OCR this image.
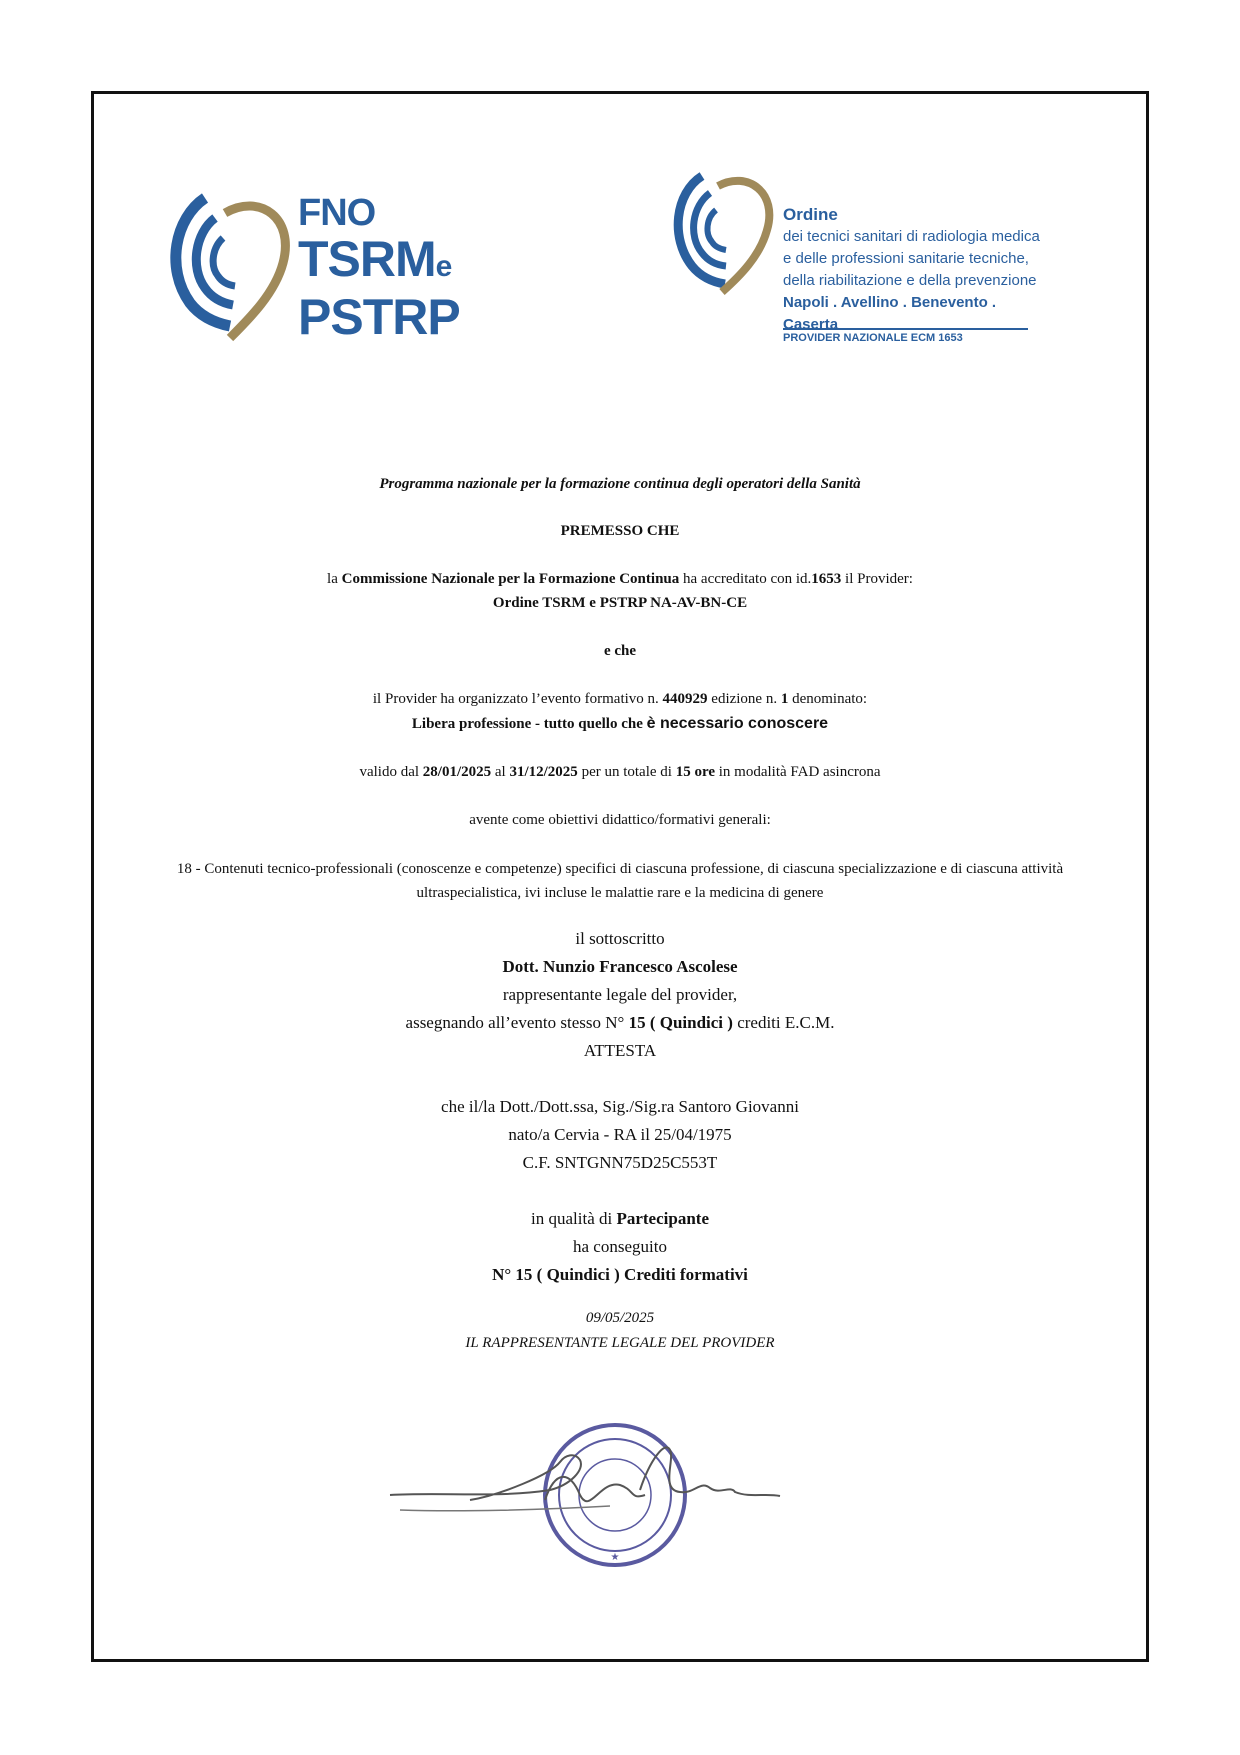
FNO
TSRMe
PSTRP
Ordine
dei tecnici sanitari di radiologia medica
e delle professioni sanitarie tecniche,
della riabilitazione e della prevenzione
Napoli . Avellino . Benevento . Caserta
PROVIDER NAZIONALE ECM 1653
Programma nazionale per la formazione continua degli operatori della Sanità
PREMESSO CHE
la Commissione Nazionale per la Formazione Continua ha accreditato con id.1653 il Provider:
Ordine TSRM e PSTRP NA-AV-BN-CE
e che
il Provider ha organizzato l’evento formativo n. 440929 edizione n. 1 denominato:
Libera professione - tutto quello che è necessario conoscere
valido dal 28/01/2025 al 31/12/2025 per un totale di 15 ore in modalità FAD asincrona
avente come obiettivi didattico/formativi generali:
18 - Contenuti tecnico-professionali (conoscenze e competenze) specifici di ciascuna professione, di ciascuna specializzazione e di ciascuna attività
ultraspecialistica, ivi incluse le malattie rare e la medicina di genere
il sottoscritto
Dott. Nunzio Francesco Ascolese
rappresentante legale del provider,
assegnando all’evento stesso N° 15 ( Quindici ) crediti E.C.M.
ATTESTA
che il/la Dott./Dott.ssa, Sig./Sig.ra Santoro Giovanni
nato/a Cervia - RA il 25/04/1975
C.F. SNTGNN75D25C553T
in qualità di Partecipante
ha conseguito
N° 15 ( Quindici ) Crediti formativi
09/05/2025
IL RAPPRESENTANTE LEGALE DEL PROVIDER
★
